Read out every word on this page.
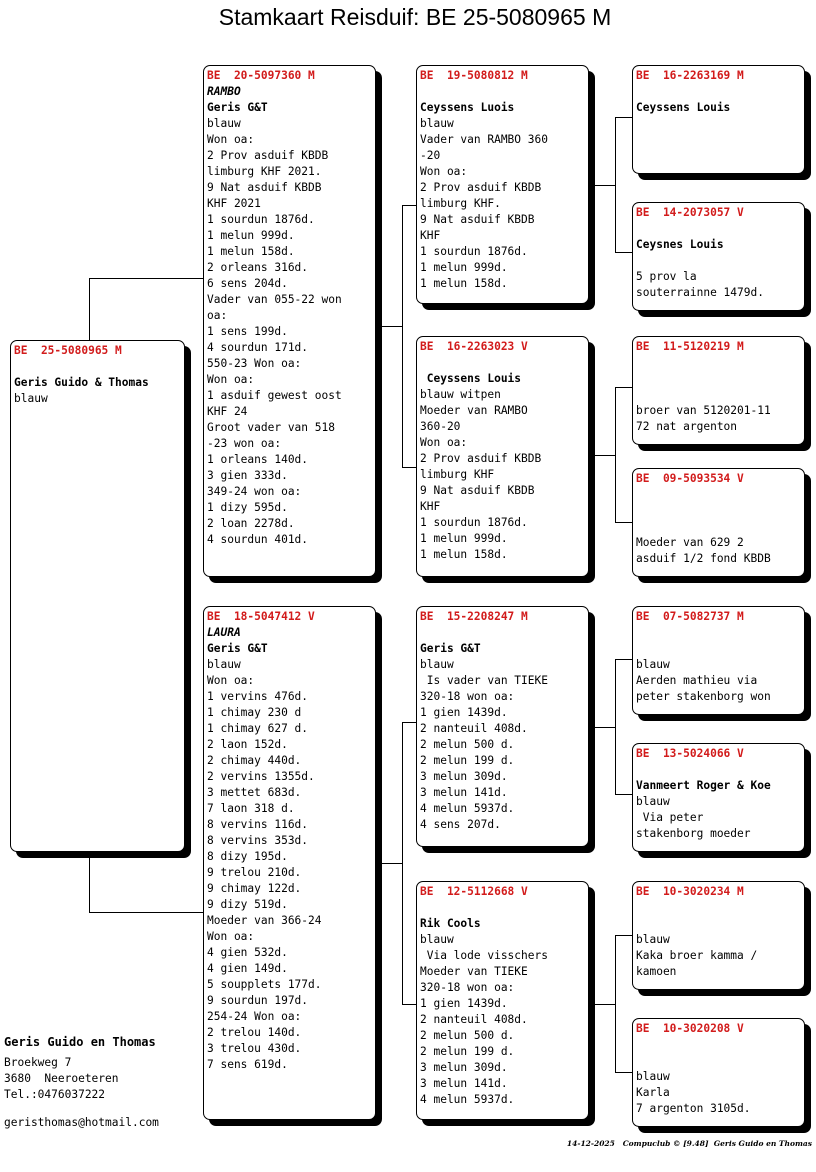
Stamkaart Reisduif: BE 25-5080965 M
BE  25-5080965 M
Geris Guido & Thomas
blauw
BE  20-5097360 M
RAMBO
Geris G&T
blauw
Won oa:
2 Prov asduif KBDB
limburg KHF 2021.
9 Nat asduif KBDB
KHF 2021
1 sourdun 1876d.
1 melun 999d.
1 melun 158d.
2 orleans 316d.
6 sens 204d.
Vader van 055-22 won
oa:
1 sens 199d.
4 sourdun 171d.
550-23 Won oa:
Won oa:
1 asduif gewest oost
KHF 24
Groot vader van 518
-23 won oa:
1 orleans 140d.
3 gien 333d.
349-24 won oa:
1 dizy 595d.
2 loan 2278d.
4 sourdun 401d.
BE  18-5047412 V
LAURA
Geris G&T
blauw
Won oa:
1 vervins 476d.
1 chimay 230 d
1 chimay 627 d.
2 laon 152d.
2 chimay 440d.
2 vervins 1355d.
3 mettet 683d.
7 laon 318 d.
8 vervins 116d.
8 vervins 353d.
8 dizy 195d.
9 trelou 210d.
9 chimay 122d.
9 dizy 519d.
Moeder van 366-24
Won oa:
4 gien 532d.
4 gien 149d.
5 soupplets 177d.
9 sourdun 197d.
254-24 Won oa:
2 trelou 140d.
3 trelou 430d.
7 sens 619d.
BE  19-5080812 M
Ceyssens Luois
blauw
Vader van RAMBO 360
-20
Won oa:
2 Prov asduif KBDB
limburg KHF.
9 Nat asduif KBDB
KHF
1 sourdun 1876d.
1 melun 999d.
1 melun 158d.
BE  16-2263023 V
Ceyssens Louis
blauw witpen
Moeder van RAMBO
360-20
Won oa:
2 Prov asduif KBDB
limburg KHF
9 Nat asduif KBDB
KHF
1 sourdun 1876d.
1 melun 999d.
1 melun 158d.
BE  15-2208247 M
Geris G&T
blauw
Is vader van TIEKE
320-18 won oa:
1 gien 1439d.
2 nanteuil 408d.
2 melun 500 d.
2 melun 199 d.
3 melun 309d.
3 melun 141d.
4 melun 5937d.
4 sens 207d.
BE  12-5112668 V
Rik Cools
blauw
Via lode visschers
Moeder van TIEKE
320-18 won oa:
1 gien 1439d.
2 nanteuil 408d.
2 melun 500 d.
2 melun 199 d.
3 melun 309d.
3 melun 141d.
4 melun 5937d.
BE  16-2263169 M
Ceyssens Louis
BE  14-2073057 V
Ceysnes Louis
5 prov la
souterrainne 1479d.
BE  11-5120219 M
broer van 5120201-11
72 nat argenton
BE  09-5093534 V
Moeder van 629 2
asduif 1/2 fond KBDB
BE  07-5082737 M
blauw
Aerden mathieu via
peter stakenborg won
BE  13-5024066 V
Vanmeert Roger & Koe
blauw
Via peter
stakenborg moeder
BE  10-3020234 M
blauw
Kaka broer kamma /
kamoen
BE  10-3020208 V
blauw
Karla
7 argenton 3105d.
Geris Guido en Thomas
Broekweg 7
3680  Neeroeteren
Tel.:0476037222
geristhomas@hotmail.com
14-12-2025   Compuclub © [9.48]  Geris Guido en Thomas
